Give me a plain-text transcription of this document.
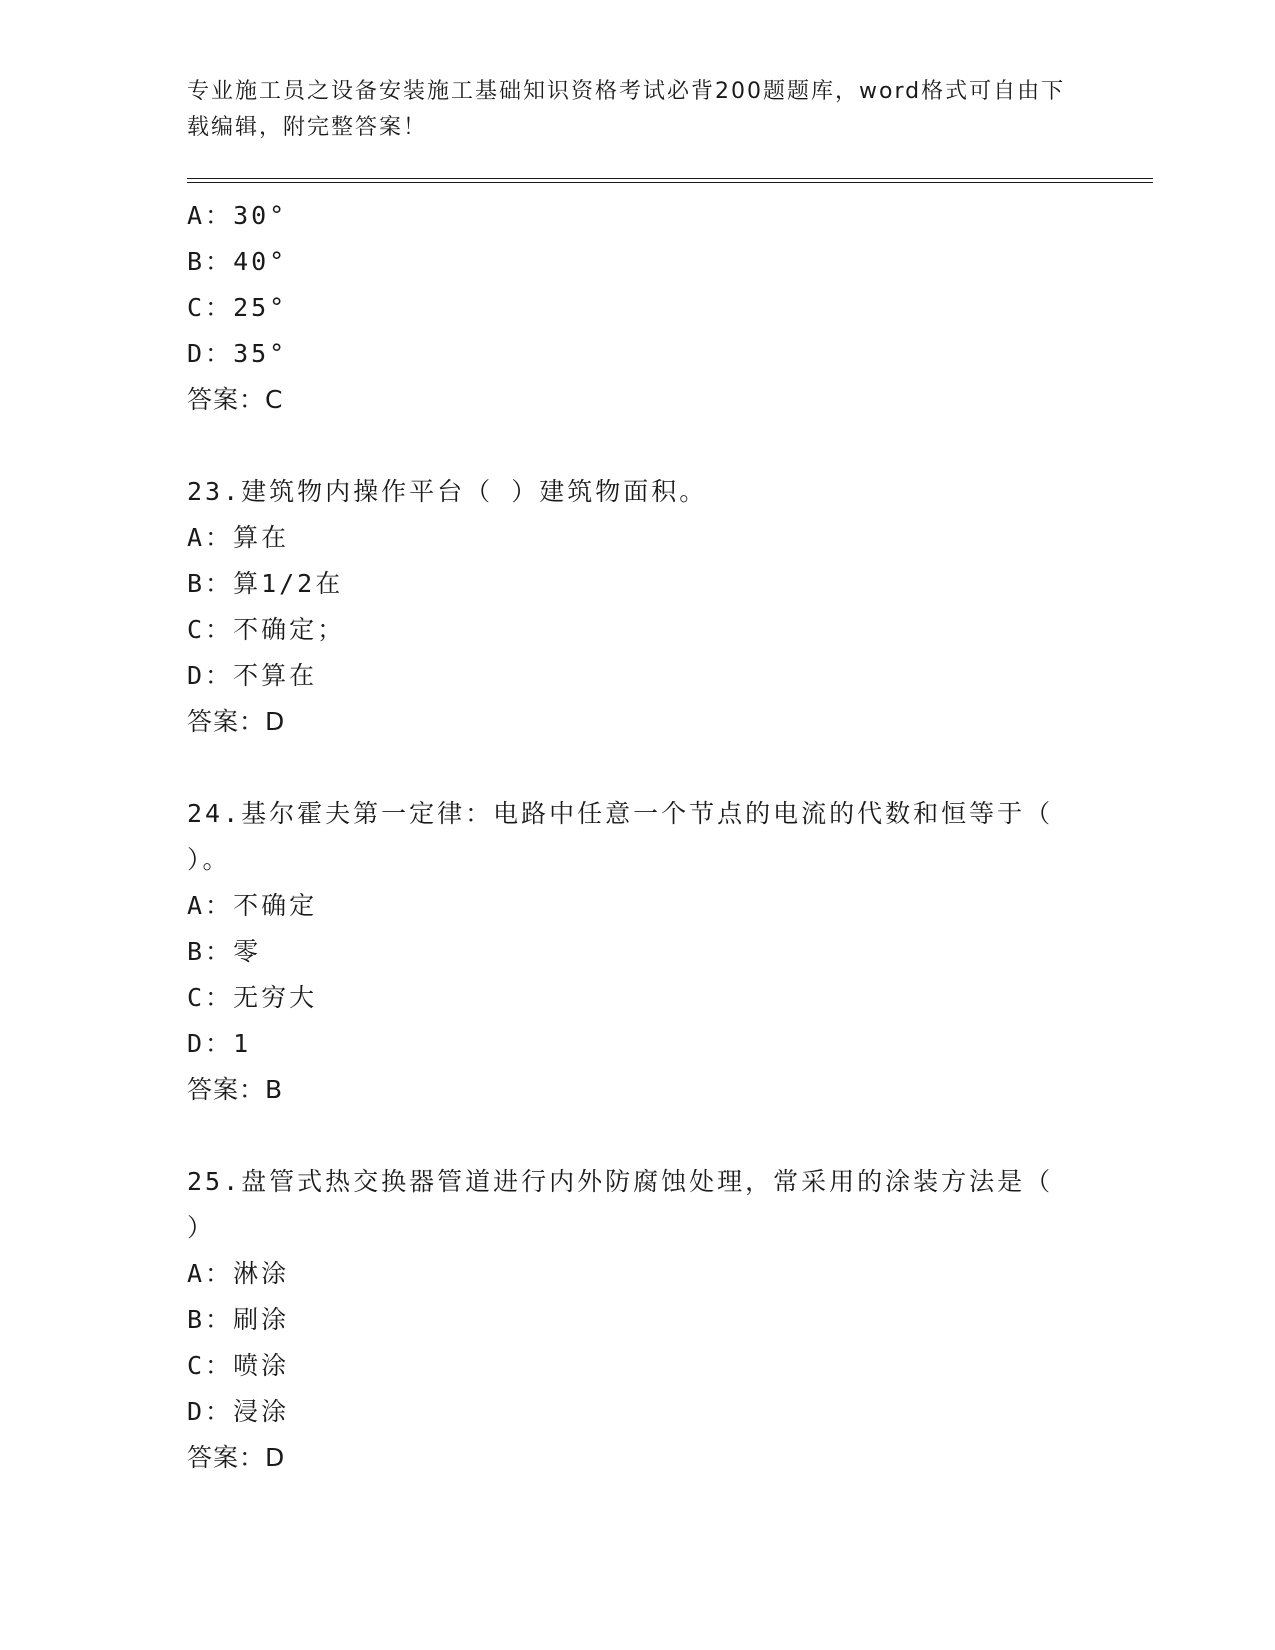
专业施工员之设备安装施工基础知识资格考试必背200题题库，word格式可自由下载编辑，附完整答案！
A：30°
B：40°
C：25°
D：35°
答案：C
23.建筑物内操作平台（ ）建筑物面积。
A：算在
B：算1/2在
C：不确定；
D：不算在
答案：D
24.基尔霍夫第一定律：电路中任意一个节点的电流的代数和恒等于（
）。
A：不确定
B：零
C：无穷大
D：1
答案：B
25.盘管式热交换器管道进行内外防腐蚀处理，常采用的涂装方法是（
）
A：淋涂
B：刷涂
C：喷涂
D：浸涂
答案：D
